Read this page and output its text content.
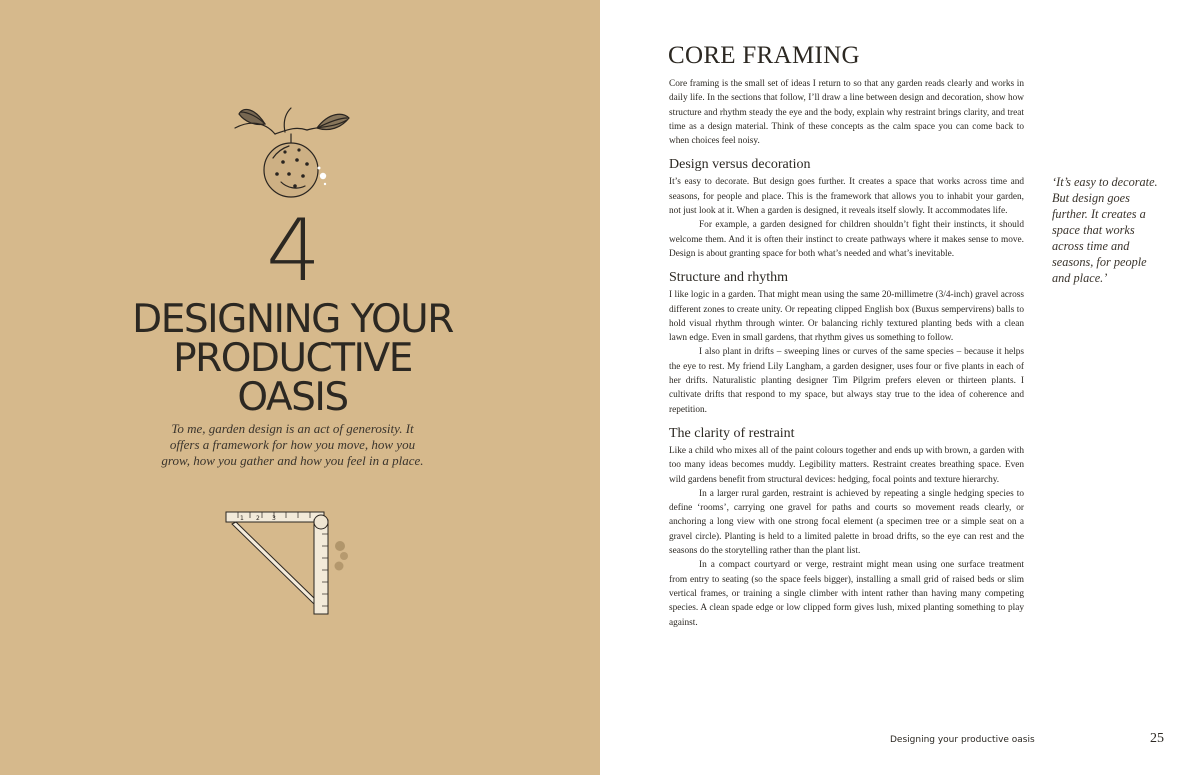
4
DESIGNING YOUR
PRODUCTIVE
OASIS
To me, garden design is an act of generosity. It offers a framework for how you move, how you grow, how you gather and how you feel in a place.
1 2 3
CORE FRAMING

Core framing is the small set of ideas I return to so that any garden reads clearly and works in daily life. In the sections that follow, I’ll draw a line between design and decoration, show how structure and rhythm steady the eye and the body, explain why restraint brings clarity, and treat time as a design material. Think of these concepts as the calm space you can come back to when choices feel noisy.

Design versus decoration

It’s easy to decorate. But design goes further. It creates a space that works across time and seasons, for people and place. This is the framework that allows you to inhabit your garden, not just look at it. When a garden is designed, it reveals itself slowly. It accommodates life.

For example, a garden designed for children shouldn’t fight their instincts, it should welcome them. And it is often their instinct to create pathways where it makes sense to move. Design is about granting space for both what’s needed and what’s inevitable.

Structure and rhythm

I like logic in a garden. That might mean using the same 20-millimetre (3/4-inch) gravel across different zones to create unity. Or repeating clipped English box (Buxus sempervirens) balls to hold visual rhythm through winter. Or balancing richly textured planting beds with a clean lawn edge. Even in small gardens, that rhythm gives us something to follow.

I also plant in drifts – sweeping lines or curves of the same species – because it helps the eye to rest. My friend Lily Langham, a garden designer, uses four or five plants in each of her drifts. Naturalistic planting designer Tim Pilgrim prefers eleven or thirteen plants. I cultivate drifts that respond to my space, but always stay true to the idea of coherence and repetition.

The clarity of restraint

Like a child who mixes all of the paint colours together and ends up with brown, a garden with too many ideas becomes muddy. Legibility matters. Restraint creates breathing space. Even wild gardens benefit from structural devices: hedging, focal points and texture hierarchy.

In a larger rural garden, restraint is achieved by repeating a single hedging species to define ‘rooms’, carrying one gravel for paths and courts so movement reads clearly, or anchoring a long view with one strong focal element (a specimen tree or a simple seat on a gravel circle). Planting is held to a limited palette in broad drifts, so the eye can rest and the seasons do the storytelling rather than the plant list.

In a compact courtyard or verge, restraint might mean using one surface treatment from entry to seating (so the space feels bigger), installing a small grid of raised beds or slim vertical frames, or training a single climber with intent rather than having many competing species. A clean spade edge or low clipped form gives lush, mixed planting something to play against.

‘It’s easy to decorate. But design goes further. It creates a space that works across time and seasons, for people and place.’
Designing your productive oasis	25
